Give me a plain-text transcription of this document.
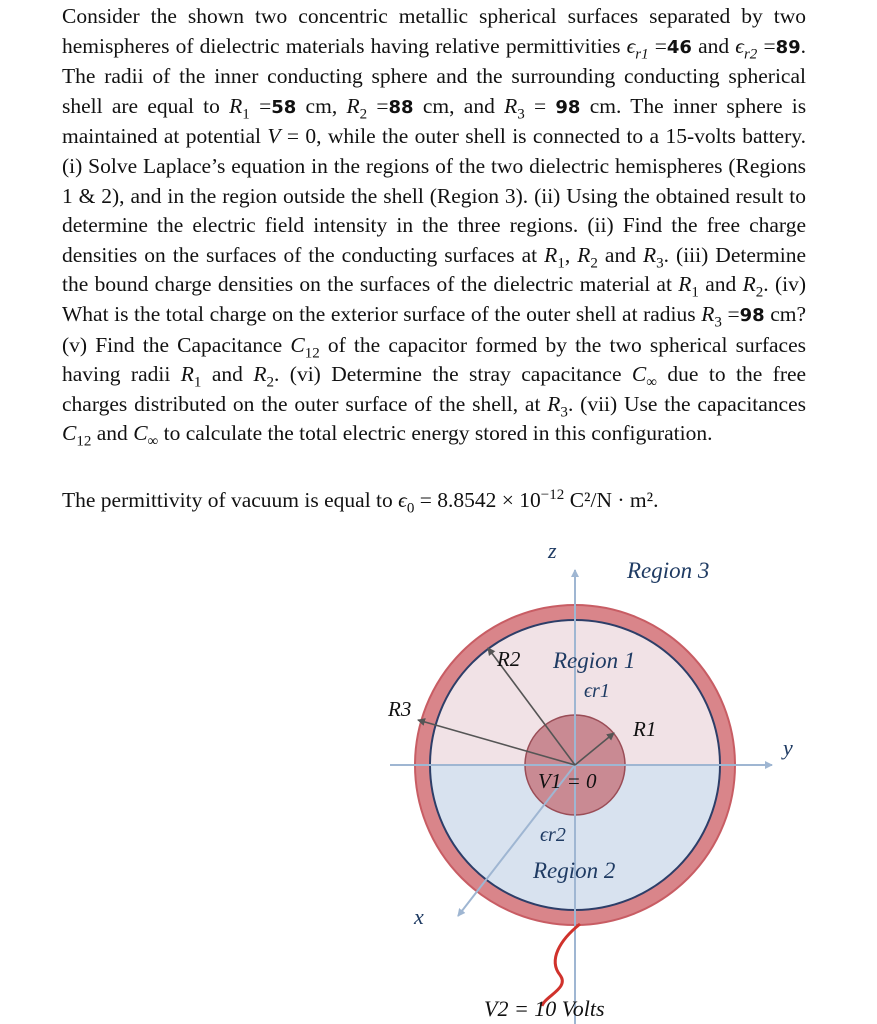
Consider the shown two concentric metallic spherical surfaces separated by two hemispheres of dielectric materials having relative permittivities $\epsilon_{r1} =46$ and $\epsilon_{r2} =89$. The radii of the inner conducting sphere and the surrounding conducting spherical shell are equal to $R_1 =58$ cm, $R_2 =88$ cm, and $R_3 = 98$ cm. The inner sphere is maintained at potential V = 0, while the outer shell is connected to a 15-volts battery. (i) Solve Laplace’s equation in the regions of the two dielectric hemispheres (Regions 1 & 2), and in the region outside the shell (Region 3). (ii) Using the obtained result to determine the electric field intensity in the three regions. (ii) Find the free charge densities on the surfaces of the conducting surfaces at $R_1$, $R_2$ and $R_3$. (iii) Determine the bound charge densities on the surfaces of the dielectric material at $R_1$ and $R_2$. (iv) What is the total charge on the exterior surface of the outer shell at radius $R_3 =98$ cm? (v) Find the Capacitance $C_{12}$ of the capacitor formed by the two spherical surfaces having radii $R_1$ and $R_2$. (vi) Determine the stray capacitance $C_\infty$ due to the free charges distributed on the outer surface of the shell, at $R_3$. (vii) Use the capacitances $C_{12}$ and $C_\infty$ to calculate the total electric energy stored in this configuration.

The permittivity of vacuum is equal to $\epsilon_0 = 8.8542 \times 10^{-12}$ C²/N · m².

z
y
x
Region 3
Region 1
ϵr1
Region 2
ϵr2
R2
R3
R1
V1 = 0
V2 = 10 Volts
